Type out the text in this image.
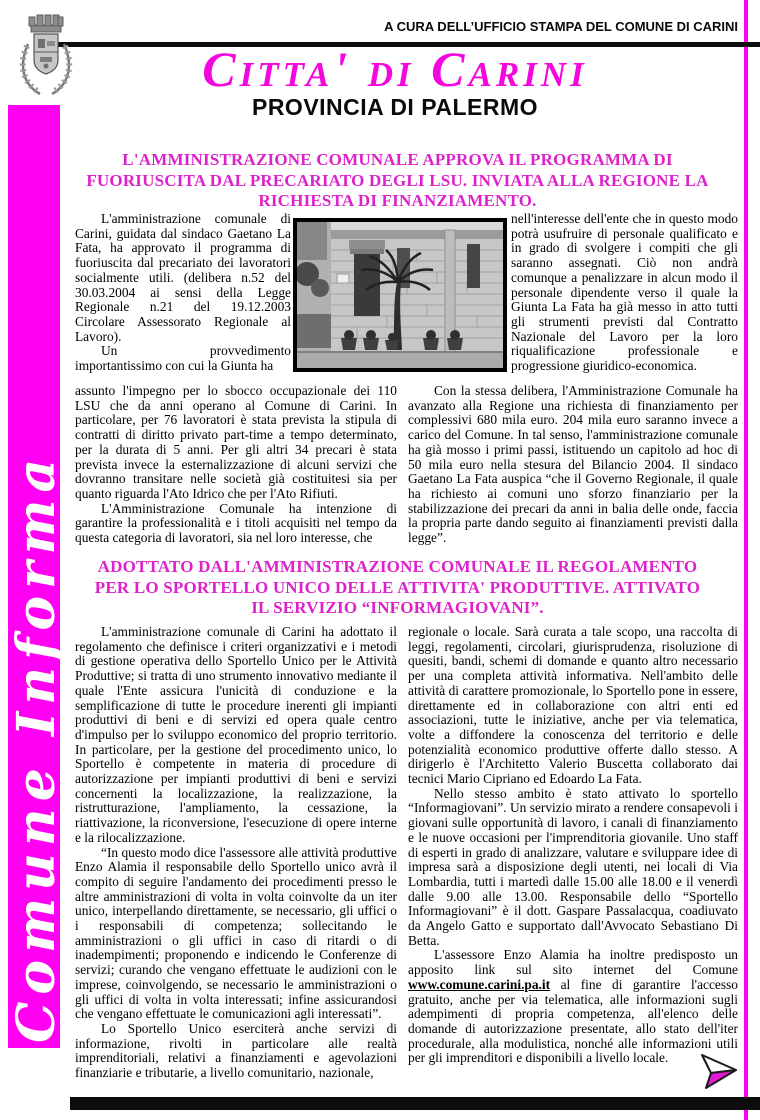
A CURA DELL’UFFICIO STAMPA DEL COMUNE DI CARINI
Citta' di Carini
PROVINCIA DI PALERMO
Comune Informa
L'AMMINISTRAZIONE COMUNALE APPROVA IL PROGRAMMA DI FUORIUSCITA DAL PRECARIATO DEGLI LSU. INVIATA ALLA REGIONE LA RICHIESTA DI FINANZIAMENTO.

L'amministrazione comunale di Carini, guidata dal sindaco Gaetano La Fata, ha approvato il programma di fuoriuscita dal precariato dei lavoratori socialmente utili. (delibera n.52 del 30.03.2004 ai sensi della Legge Regionale n.21 del 19.12.2003 Circolare Assessorato Regionale al Lavoro).

Un provvedimento importantissimo con cui la Giunta ha

nell'interesse dell'ente che in questo modo potrà usufruire di personale qualificato e in grado di svolgere i compiti che gli saranno assegnati. Ciò non andrà comunque a penalizzare in alcun modo il personale dipendente verso il quale la Giunta La Fata ha già messo in atto tutti gli strumenti previsti dal Contratto Nazionale del Lavoro per la loro riqualificazione professionale e progressione giuridico-economica.

assunto l'impegno per lo sbocco occupazionale dei 110 LSU che da anni operano al Comune di Carini. In particolare, per 76 lavoratori è stata prevista la stipula di contratti di diritto privato part-time a tempo determinato, per la durata di 5 anni. Per gli altri 34 precari è stata prevista invece la esternalizzazione di alcuni servizi che dovranno transitare nelle società già costituitesi sia per quanto riguarda l'Ato Idrico che per l'Ato Rifiuti.

L'Amministrazione Comunale ha intenzione di garantire la professionalità e i titoli acquisiti nel tempo da questa categoria di lavoratori, sia nel loro interesse, che

Con la stessa delibera, l'Amministrazione Comunale ha avanzato alla Regione una richiesta di finanziamento per complessivi 680 mila euro. 204 mila euro saranno invece a carico del Comune. In tal senso, l'amministrazione comunale ha già mosso i primi passi, istituendo un capitolo ad hoc di 50 mila euro nella stesura del Bilancio 2004. Il sindaco Gaetano La Fata auspica “che il Governo Regionale, il quale ha richiesto ai comuni uno sforzo finanziario per la stabilizzazione dei precari da anni in balia delle onde, faccia la propria parte dando seguito ai finanziamenti previsti dalla legge”.

ADOTTATO DALL'AMMINISTRAZIONE COMUNALE IL REGOLAMENTO PER LO SPORTELLO UNICO DELLE ATTIVITA' PRODUTTIVE. ATTIVATO IL SERVIZIO “INFORMAGIOVANI”.

L'amministrazione comunale di Carini ha adottato il regolamento che definisce i criteri organizzativi e i metodi di gestione operativa dello Sportello Unico per le Attività Produttive; si tratta di uno strumento innovativo mediante il quale l'Ente assicura l'unicità di conduzione e la semplificazione di tutte le procedure inerenti gli impianti produttivi di beni e di servizi ed opera quale centro d'impulso per lo sviluppo economico del proprio territorio. In particolare, per la gestione del procedimento unico, lo Sportello è competente in materia di procedure di autorizzazione per impianti produttivi di beni e servizi concernenti la localizzazione, la realizzazione, la ristrutturazione, l'ampliamento, la cessazione, la riattivazione, la riconversione, l'esecuzione di opere interne e la rilocalizzazione.

“In questo modo dice l'assessore alle attività produttive Enzo Alamia il responsabile dello Sportello unico avrà il compito di seguire l'andamento dei procedimenti presso le altre amministrazioni di volta in volta coinvolte da un iter unico, interpellando direttamente, se necessario, gli uffici o i responsabili di competenza; sollecitando le amministrazioni o gli uffici in caso di ritardi o di inadempimenti; proponendo e indicendo le Conferenze di servizi; curando che vengano effettuate le audizioni con le imprese, coinvolgendo, se necessario le amministrazioni o gli uffici di volta in volta interessati; infine assicurandosi che vengano effettuate le comunicazioni agli interessati”.

Lo Sportello Unico eserciterà anche servizi di informazione, rivolti in particolare alle realtà imprenditoriali, relativi a finanziamenti e agevolazioni finanziarie e tributarie, a livello comunitario, nazionale,

regionale o locale. Sarà curata a tale scopo, una raccolta di leggi, regolamenti, circolari, giurisprudenza, risoluzione di quesiti, bandi, schemi di domande e quanto altro necessario per una completa attività informativa. Nell'ambito delle attività di carattere promozionale, lo Sportello pone in essere, direttamente ed in collaborazione con altri enti ed associazioni, tutte le iniziative, anche per via telematica, volte a diffondere la conoscenza del territorio e delle potenzialità economico produttive offerte dallo stesso. A dirigerlo è l'Architetto Valerio Buscetta collaborato dai tecnici Mario Cipriano ed Edoardo La Fata.

Nello stesso ambito è stato attivato lo sportello “Informagiovani”. Un servizio mirato a rendere consapevoli i giovani sulle opportunità di lavoro, i canali di finanziamento e le nuove occasioni per l'imprenditoria giovanile. Uno staff di esperti in grado di analizzare, valutare e sviluppare idee di impresa sarà a disposizione degli utenti, nei locali di Via Lombardia, tutti i martedì dalle 15.00 alle 18.00 e il venerdì dalle 9.00 alle 13.00. Responsabile dello “Sportello Informagiovani” è il dott. Gaspare Passalacqua, coadiuvato da Angelo Gatto e supportato dall'Avvocato Sebastiano Di Betta.

L'assessore Enzo Alamia ha inoltre predisposto un apposito link sul sito internet del Comune www.comune.carini.pa.it al fine di garantire l'accesso gratuito, anche per via telematica, alle informazioni sugli adempimenti di propria competenza, all'elenco delle domande di autorizzazione presentate, allo stato dell'iter procedurale, alla modulistica, nonché alle informazioni utili per gli imprenditori e disponibili a livello locale.
